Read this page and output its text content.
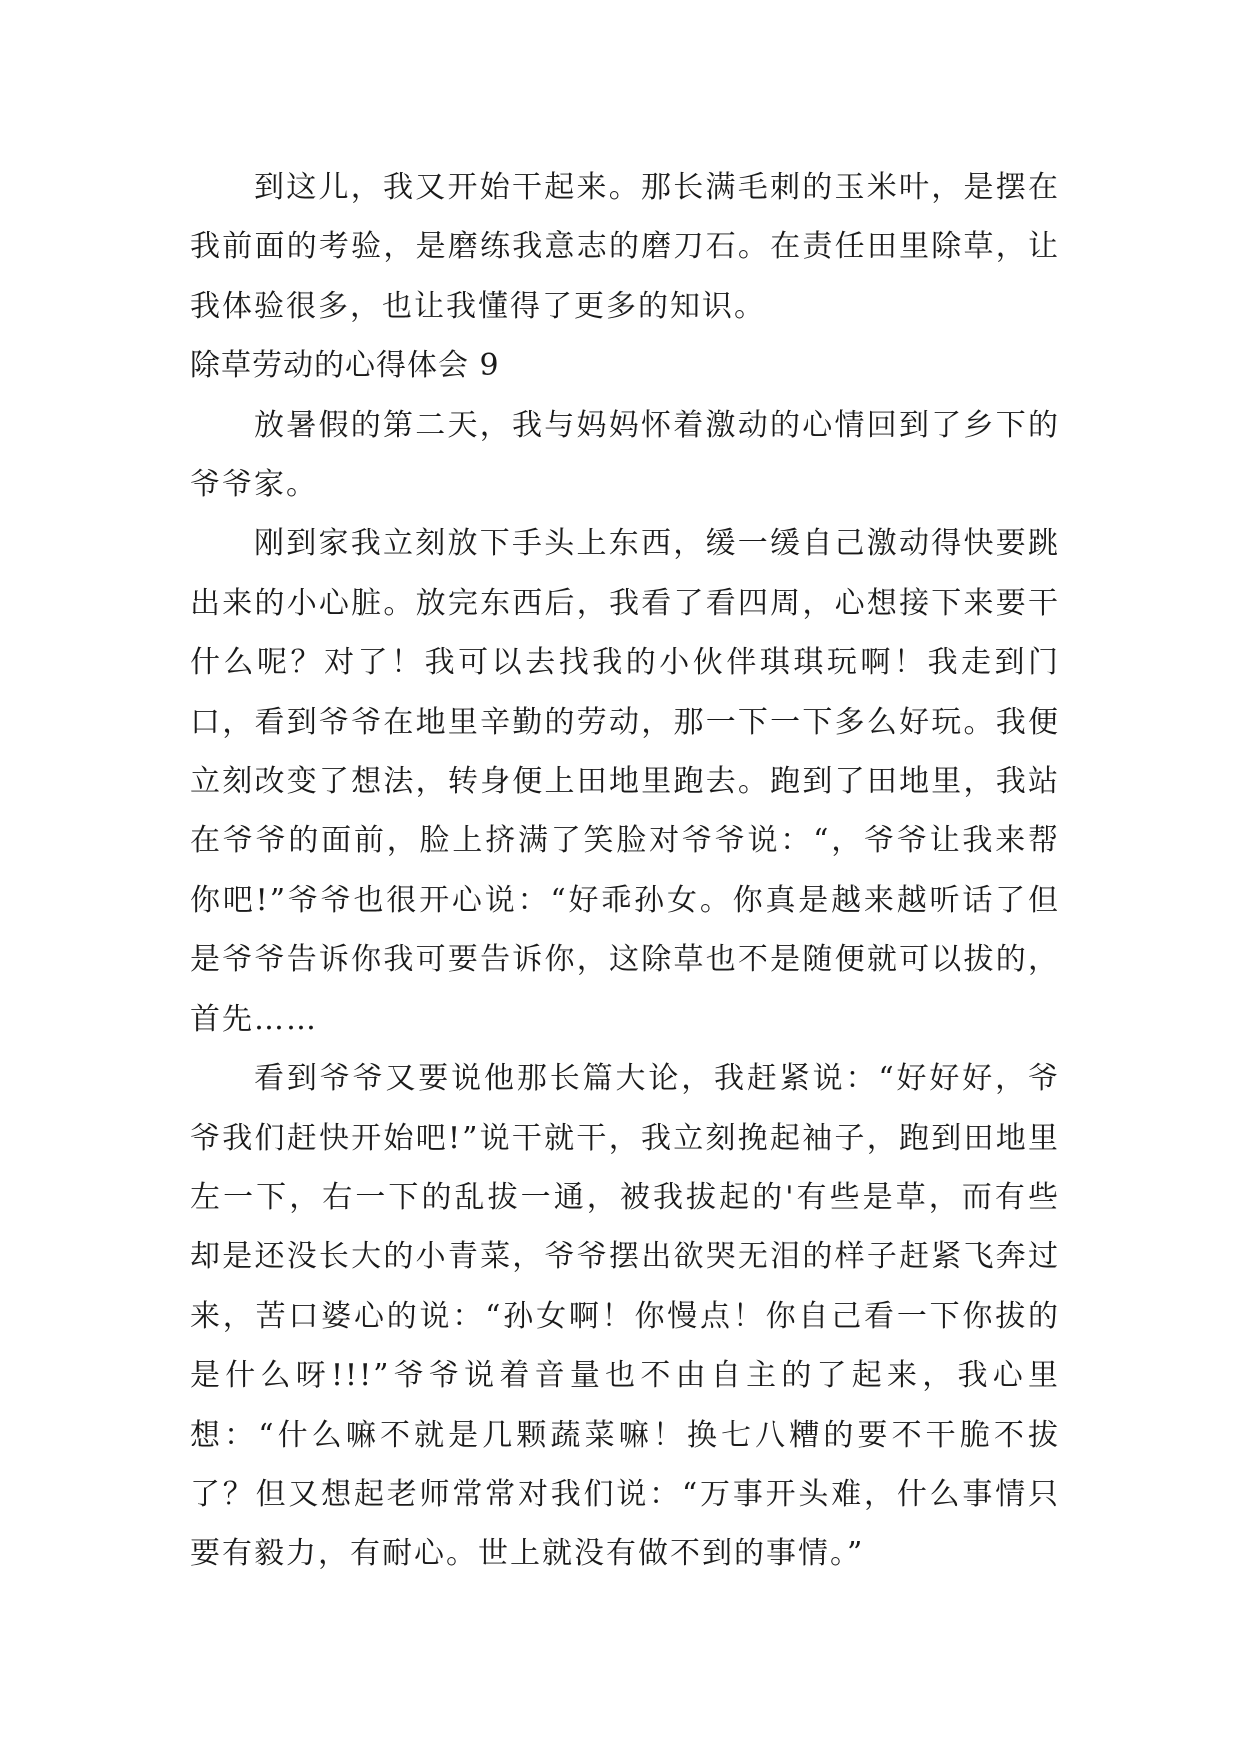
到这儿，我又开始干起来。那长满毛刺的玉米叶，是摆在我前面的考验，是磨练我意志的磨刀石。在责任田里除草，让我体验很多，也让我懂得了更多的知识。

除草劳动的心得体会 9

放暑假的第二天，我与妈妈怀着激动的心情回到了乡下的爷爷家。

刚到家我立刻放下手头上东西，缓一缓自己激动得快要跳出来的小心脏。放完东西后，我看了看四周，心想接下来要干什么呢？对了！我可以去找我的小伙伴琪琪玩啊！我走到门口，看到爷爷在地里辛勤的劳动，那一下一下多么好玩。我便立刻改变了想法，转身便上田地里跑去。跑到了田地里，我站在爷爷的面前，脸上挤满了笑脸对爷爷说：“，爷爷让我来帮你吧!”爷爷也很开心说：“好乖孙女。你真是越来越听话了但是爷爷告诉你我可要告诉你，这除草也不是随便就可以拔的，首先……

看到爷爷又要说他那长篇大论，我赶紧说：“好好好，爷爷我们赶快开始吧!”说干就干，我立刻挽起袖子，跑到田地里左一下，右一下的乱拔一通，被我拔起的'有些是草，而有些却是还没长大的小青菜，爷爷摆出欲哭无泪的样子赶紧飞奔过来，苦口婆心的说：“孙女啊！你慢点！你自己看一下你拔的是什么呀!!!”爷爷说着音量也不由自主的了起来，我心里想：“什么嘛不就是几颗蔬菜嘛！换七八糟的要不干脆不拔了？但又想起老师常常对我们说：“万事开头难，什么事情只要有毅力，有耐心。世上就没有做不到的事情。”
